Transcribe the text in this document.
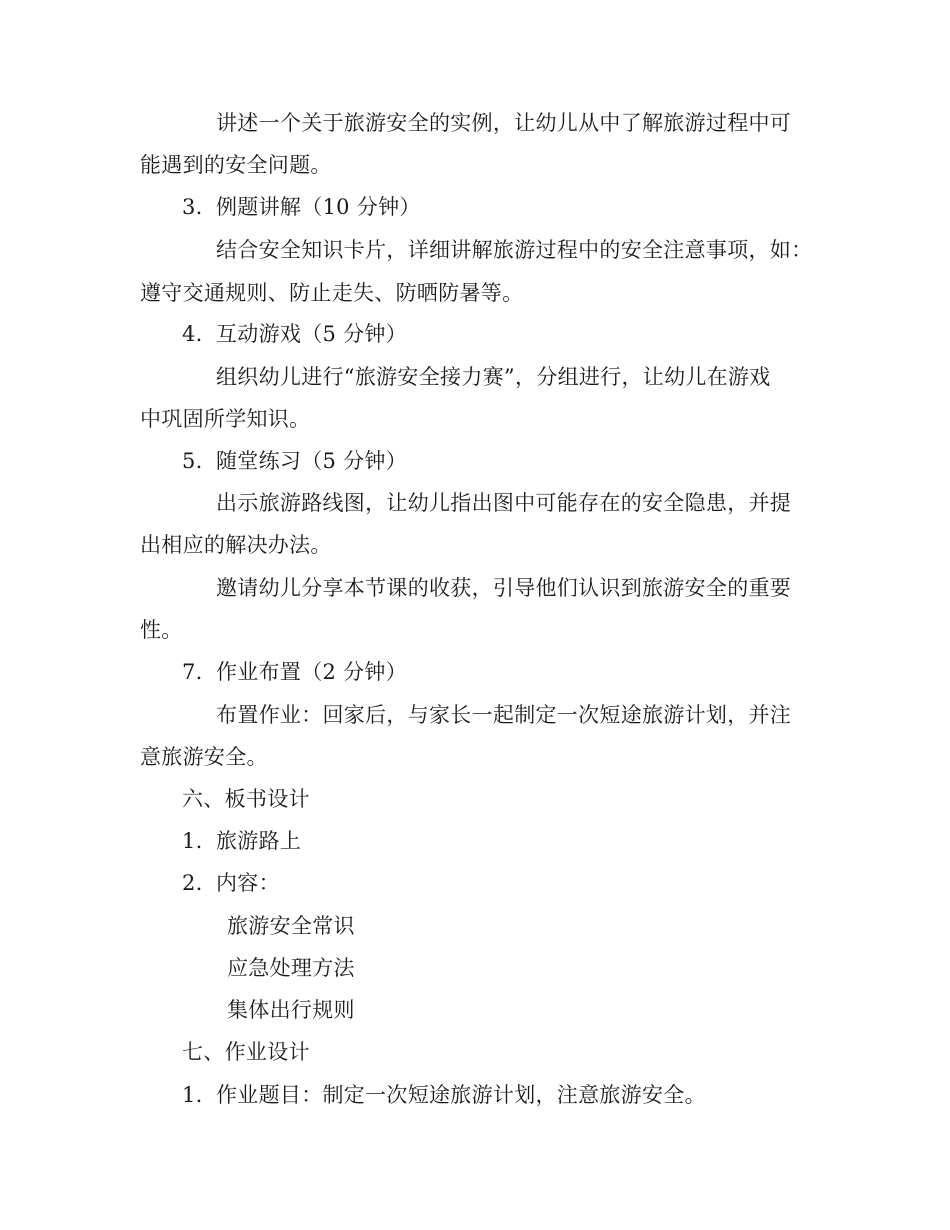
讲述一个关于旅游安全的实例，让幼儿从中了解旅游过程中可
能遇到的安全问题。
3. 例题讲解（10 分钟）
结合安全知识卡片，详细讲解旅游过程中的安全注意事项，如：
遵守交通规则、防止走失、防晒防暑等。
4. 互动游戏（5 分钟）
组织幼儿进行“旅游安全接力赛”，分组进行，让幼儿在游戏
中巩固所学知识。
5. 随堂练习（5 分钟）
出示旅游路线图，让幼儿指出图中可能存在的安全隐患，并提
出相应的解决办法。
邀请幼儿分享本节课的收获，引导他们认识到旅游安全的重要
性。
7. 作业布置（2 分钟）
布置作业：回家后，与家长一起制定一次短途旅游计划，并注
意旅游安全。
六、板书设计
1. 旅游路上
2. 内容：
旅游安全常识
应急处理方法
集体出行规则
七、作业设计
1. 作业题目：制定一次短途旅游计划，注意旅游安全。
